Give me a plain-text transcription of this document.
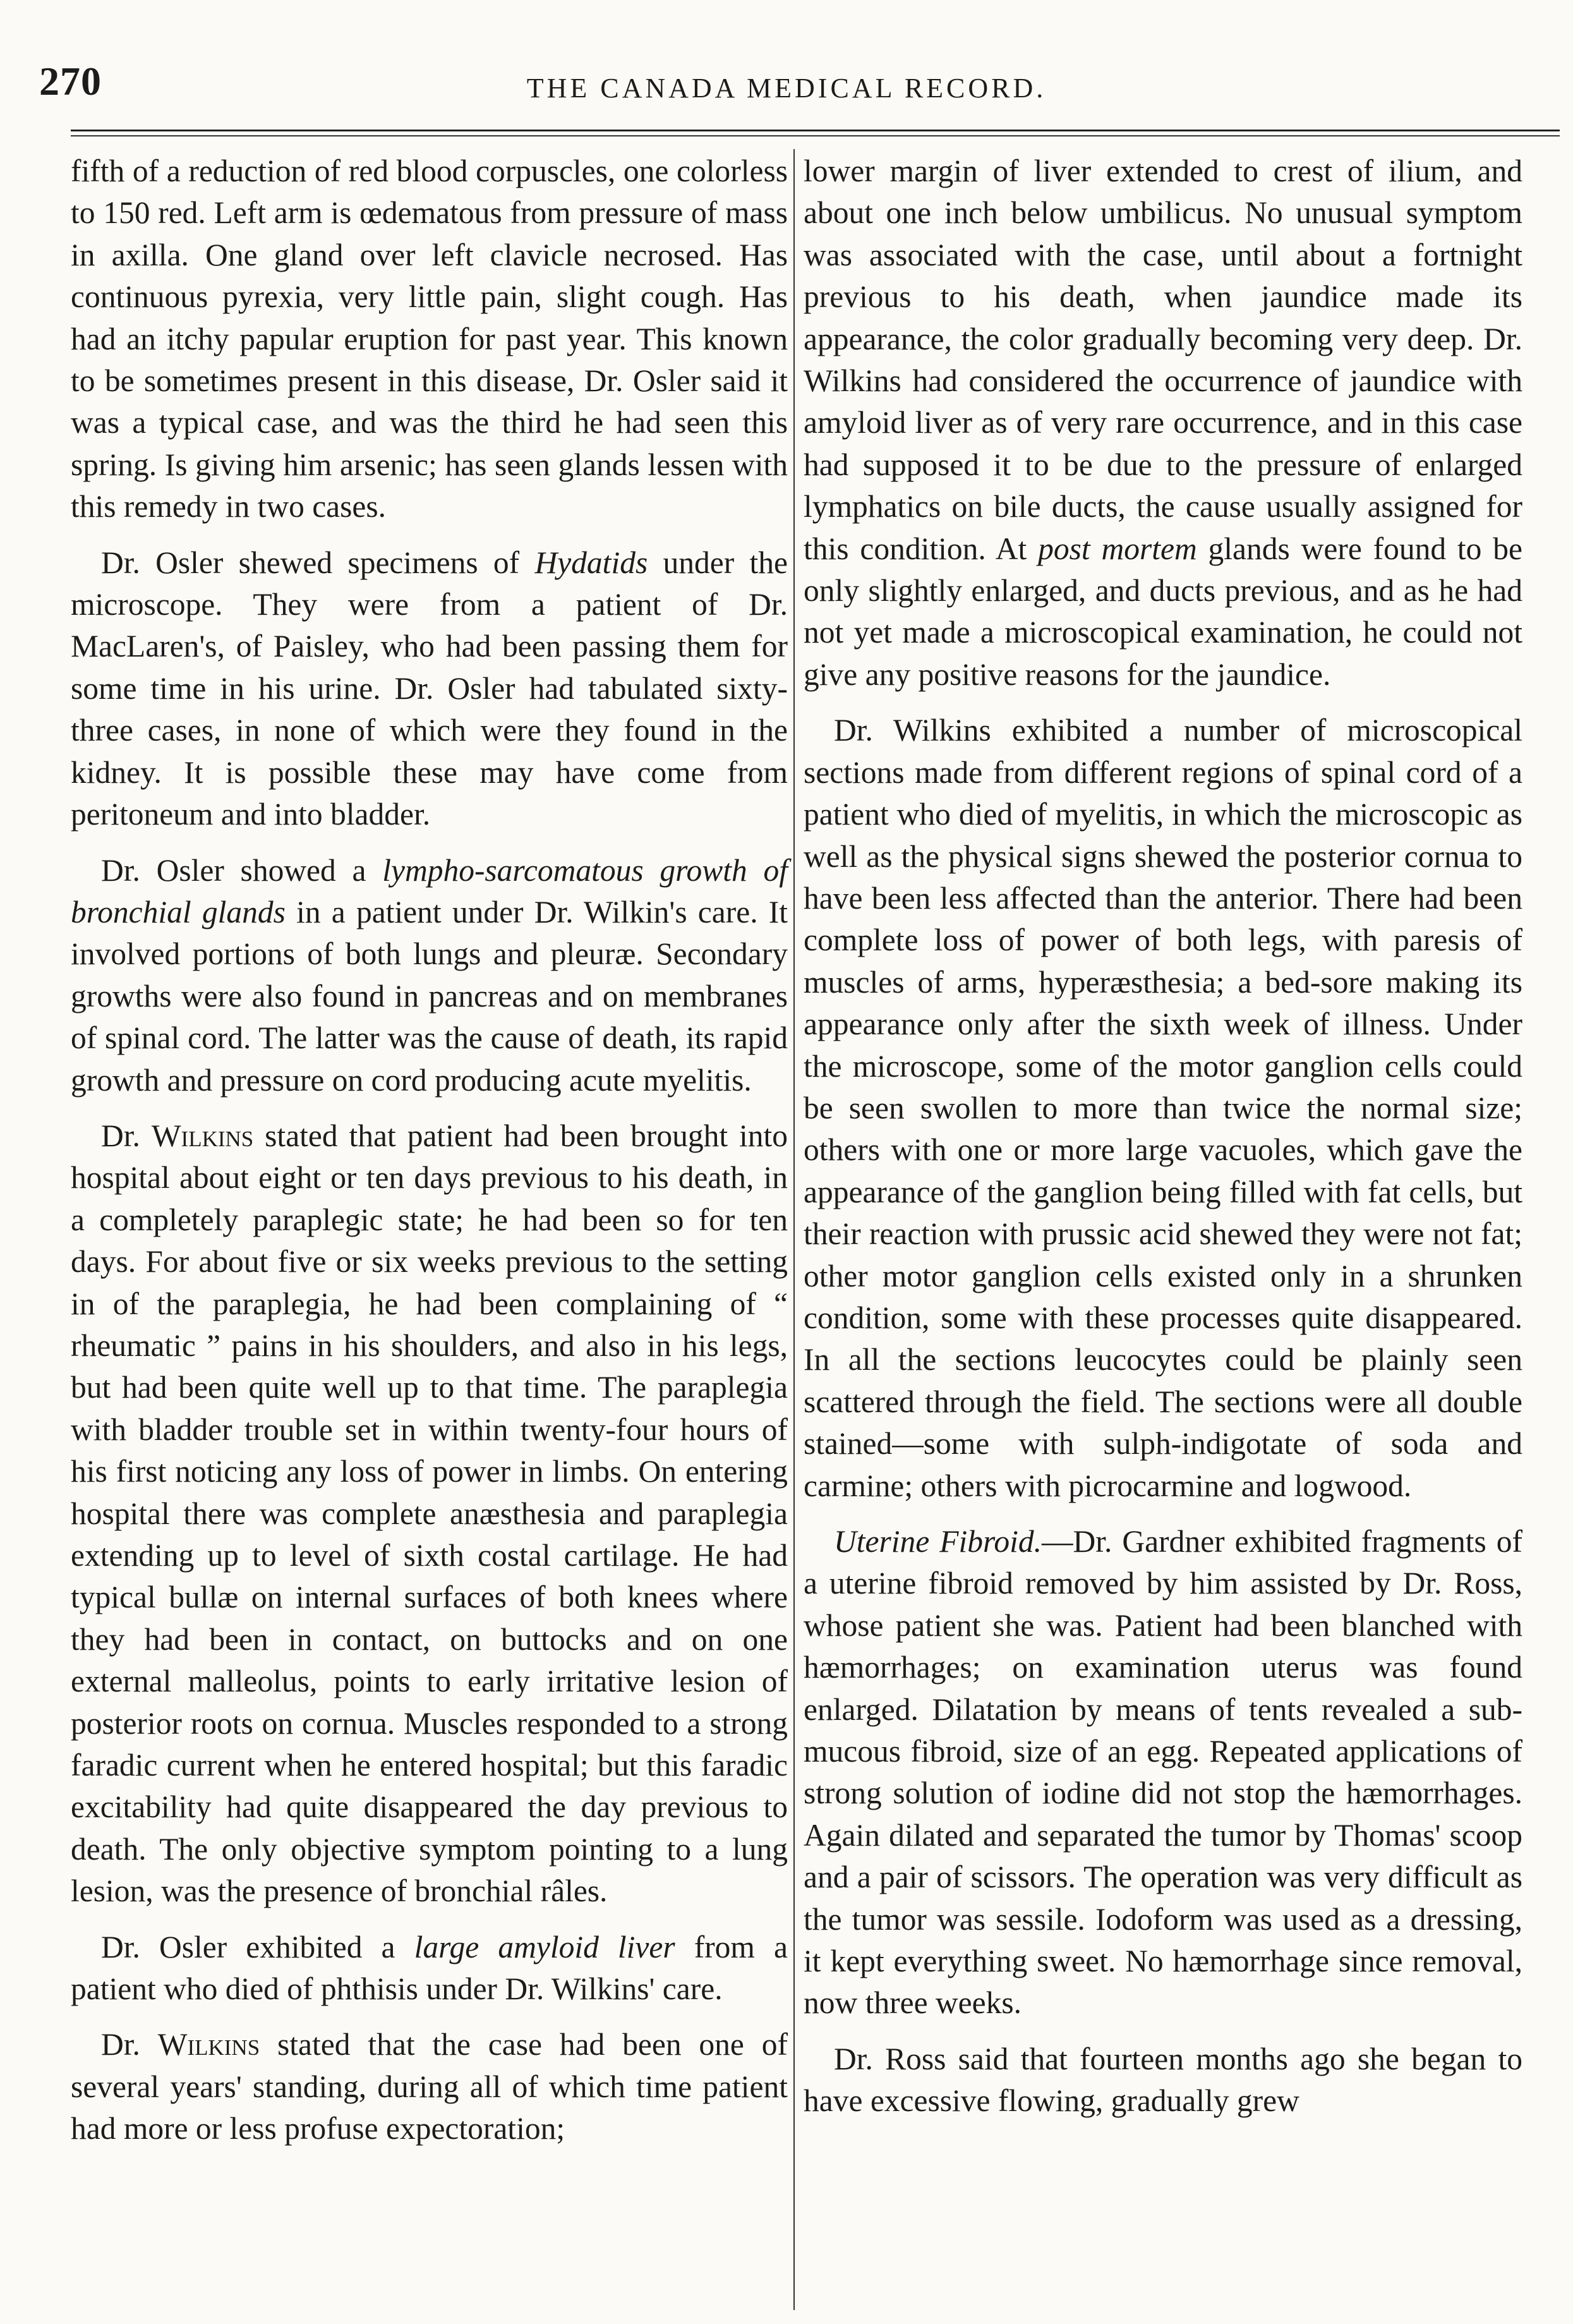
270	THE CANADA MEDICAL RECORD.

fifth of a reduction of red blood corpuscles, one colorless to 150 red. Left arm is œdematous from pressure of mass in axilla. One gland over left clavicle necrosed. Has continuous pyrexia, very little pain, slight cough. Has had an itchy papular eruption for past year. This known to be sometimes present in this disease, Dr. Osler said it was a typical case, and was the third he had seen this spring. Is giving him arsenic; has seen glands lessen with this remedy in two cases.

Dr. Osler shewed specimens of Hydatids under the microscope. They were from a patient of Dr. MacLaren's, of Paisley, who had been passing them for some time in his urine. Dr. Osler had tabulated sixty-three cases, in none of which were they found in the kidney. It is possible these may have come from peritoneum and into bladder.

Dr. Osler showed a lympho-sarcomatous growth of bronchial glands in a patient under Dr. Wilkin's care. It involved portions of both lungs and pleuræ. Secondary growths were also found in pancreas and on membranes of spinal cord. The latter was the cause of death, its rapid growth and pressure on cord producing acute myelitis.

Dr. Wilkins stated that patient had been brought into hospital about eight or ten days previous to his death, in a completely paraplegic state; he had been so for ten days. For about five or six weeks previous to the setting in of the paraplegia, he had been complaining of “ rheumatic ” pains in his shoulders, and also in his legs, but had been quite well up to that time. The paraplegia with bladder trouble set in within twenty-four hours of his first noticing any loss of power in limbs. On entering hospital there was complete anæsthesia and paraplegia extending up to level of sixth costal cartilage. He had typical bullæ on internal surfaces of both knees where they had been in contact, on buttocks and on one external malleolus, points to early irritative lesion of posterior roots on cornua. Muscles responded to a strong faradic current when he entered hospital; but this faradic excitability had quite disappeared the day previous to death. The only objective symptom pointing to a lung lesion, was the presence of bronchial râles.

Dr. Osler exhibited a large amyloid liver from a patient who died of phthisis under Dr. Wilkins' care.

Dr. Wilkins stated that the case had been one of several years' standing, during all of which time patient had more or less profuse expectoration;

lower margin of liver extended to crest of ilium, and about one inch below umbilicus. No unusual symptom was associated with the case, until about a fortnight previous to his death, when jaundice made its appearance, the color gradually becoming very deep. Dr. Wilkins had considered the occurrence of jaundice with amyloid liver as of very rare occurrence, and in this case had supposed it to be due to the pressure of enlarged lymphatics on bile ducts, the cause usually assigned for this condition. At post mortem glands were found to be only slightly enlarged, and ducts previous, and as he had not yet made a microscopical examination, he could not give any positive reasons for the jaundice.

Dr. Wilkins exhibited a number of microscopical sections made from different regions of spinal cord of a patient who died of myelitis, in which the microscopic as well as the physical signs shewed the posterior cornua to have been less affected than the anterior. There had been complete loss of power of both legs, with paresis of muscles of arms, hyperæsthesia; a bed-sore making its appearance only after the sixth week of illness. Under the microscope, some of the motor ganglion cells could be seen swollen to more than twice the normal size; others with one or more large vacuoles, which gave the appearance of the ganglion being filled with fat cells, but their reaction with prussic acid shewed they were not fat; other motor ganglion cells existed only in a shrunken condition, some with these processes quite disappeared. In all the sections leucocytes could be plainly seen scattered through the field. The sections were all double stained—some with sulph-indigotate of soda and carmine; others with picrocarmine and logwood.

Uterine Fibroid.—Dr. Gardner exhibited fragments of a uterine fibroid removed by him assisted by Dr. Ross, whose patient she was. Patient had been blanched with hæmorrhages; on examination uterus was found enlarged. Dilatation by means of tents revealed a sub-mucous fibroid, size of an egg. Repeated applications of strong solution of iodine did not stop the hæmorrhages. Again dilated and separated the tumor by Thomas' scoop and a pair of scissors. The operation was very difficult as the tumor was sessile. Iodoform was used as a dressing, it kept everything sweet. No hæmorrhage since removal, now three weeks.

Dr. Ross said that fourteen months ago she began to have excessive flowing, gradually grew
